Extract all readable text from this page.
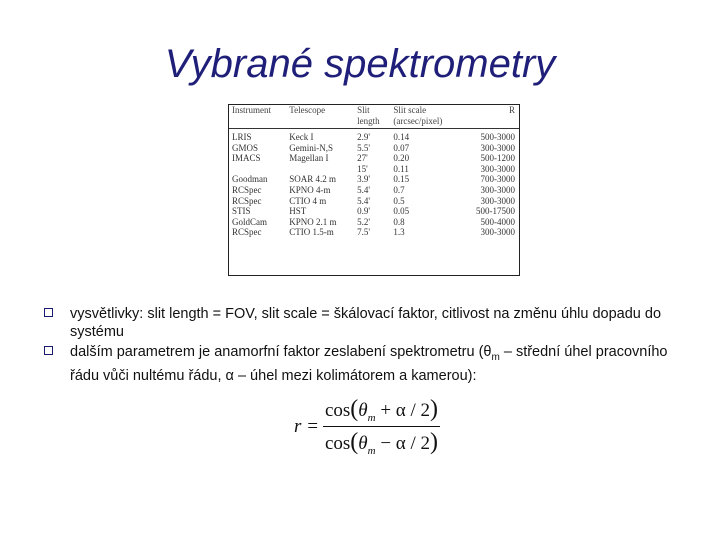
Vybrané spektrometry
Instrument	Telescope	Slit	Slit scale	R
		length	(arcsec/pixel)	
LRIS	Keck I	2.9'	0.14	500-3000
GMOS	Gemini-N,S	5.5'	0.07	300-3000
IMACS	Magellan I	27'	0.20	500-1200
		15'	0.11	300-3000
Goodman	SOAR 4.2 m	3.9'	0.15	700-3000
RCSpec	KPNO 4-m	5.4'	0.7	300-3000
RCSpec	CTIO 4 m	5.4'	0.5	300-3000
STIS	HST	0.9'	0.05	500-17500
GoldCam	KPNO 2.1 m	5.2'	0.8	500-4000
RCSpec	CTIO 1.5-m	7.5'	1.3	300-3000
vysvětlivky: slit length = FOV, slit scale = škálovací faktor, citlivost na změnu úhlu dopadu do systému
dalším parametrem je anamorfní faktor zeslabení spektrometru ($\theta_m$ – střední úhel pracovního řádu vůči nultému řádu, α – úhel mezi kolimátorem a kamerou):
$r = \frac{\cos(\theta_m + \alpha / 2)}{\cos(\theta_m - \alpha / 2)}$
